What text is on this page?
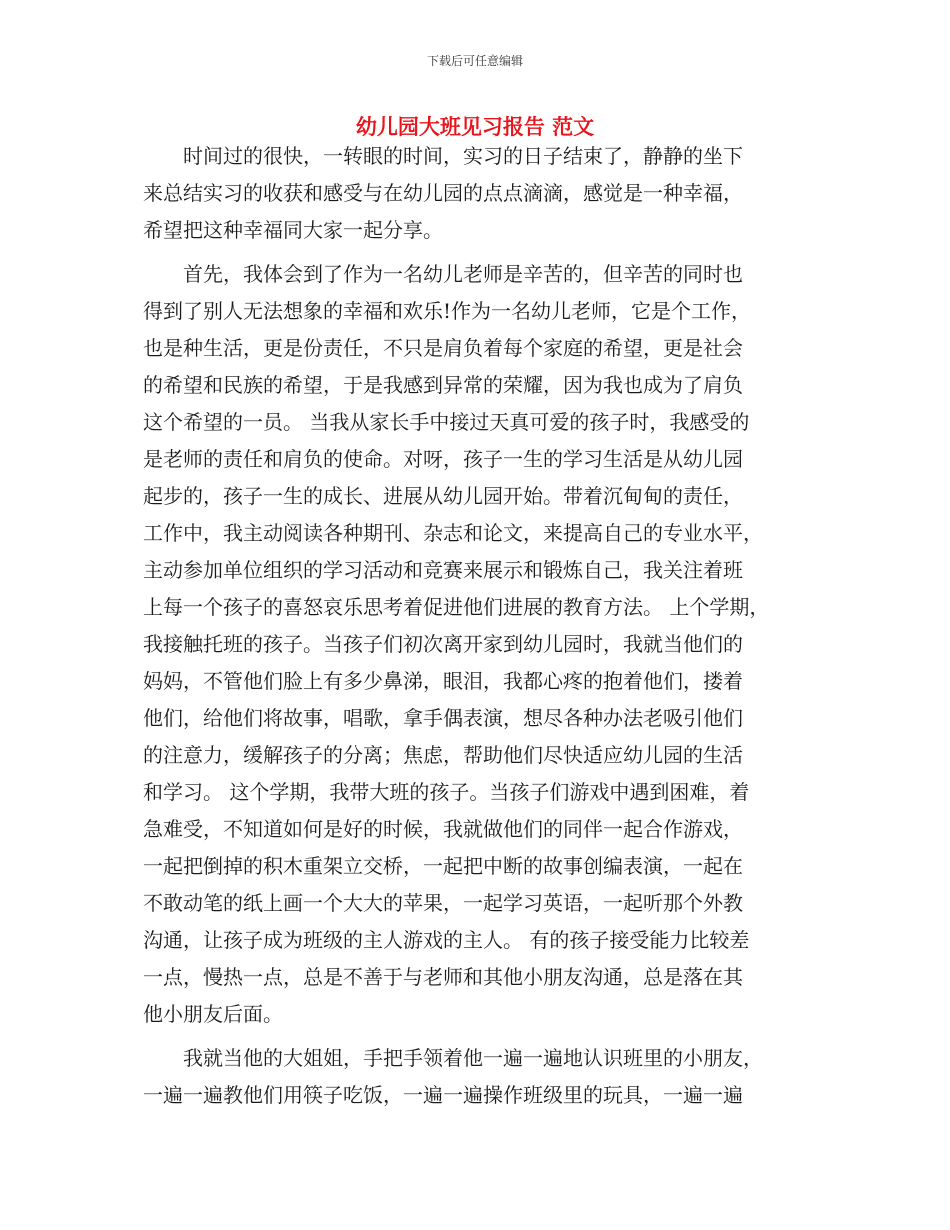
下载后可任意编辑
幼儿园大班见习报告 范文
　　时间过的很快，一转眼的时间，实习的日子结束了，静静的坐下
来总结实习的收获和感受与在幼儿园的点点滴滴，感觉是一种幸福，
希望把这种幸福同大家一起分享。
　　首先，我体会到了作为一名幼儿老师是辛苦的，但辛苦的同时也
得到了别人无法想象的幸福和欢乐!作为一名幼儿老师，它是个工作，
也是种生活，更是份责任，不只是肩负着每个家庭的希望，更是社会
的希望和民族的希望，于是我感到异常的荣耀，因为我也成为了肩负
这个希望的一员。 当我从家长手中接过天真可爱的孩子时，我感受的
是老师的责任和肩负的使命。对呀，孩子一生的学习生活是从幼儿园
起步的，孩子一生的成长、进展从幼儿园开始。带着沉甸甸的责任，
工作中，我主动阅读各种期刊、杂志和论文，来提高自己的专业水平，
主动参加单位组织的学习活动和竞赛来展示和锻炼自己，我关注着班
上每一个孩子的喜怒哀乐思考着促进他们进展的教育方法。 上个学期，
我接触托班的孩子。当孩子们初次离开家到幼儿园时，我就当他们的
妈妈，不管他们脸上有多少鼻涕，眼泪，我都心疼的抱着他们，搂着
他们，给他们将故事，唱歌，拿手偶表演，想尽各种办法老吸引他们
的注意力，缓解孩子的分离；焦虑，帮助他们尽快适应幼儿园的生活
和学习。 这个学期，我带大班的孩子。当孩子们游戏中遇到困难，着
急难受，不知道如何是好的时候，我就做他们的同伴一起合作游戏，
一起把倒掉的积木重架立交桥，一起把中断的故事创编表演，一起在
不敢动笔的纸上画一个大大的苹果，一起学习英语，一起听那个外教
沟通，让孩子成为班级的主人游戏的主人。 有的孩子接受能力比较差
一点，慢热一点，总是不善于与老师和其他小朋友沟通，总是落在其
他小朋友后面。
　　我就当他的大姐姐，手把手领着他一遍一遍地认识班里的小朋友，
一遍一遍教他们用筷子吃饭，一遍一遍操作班级里的玩具，一遍一遍
